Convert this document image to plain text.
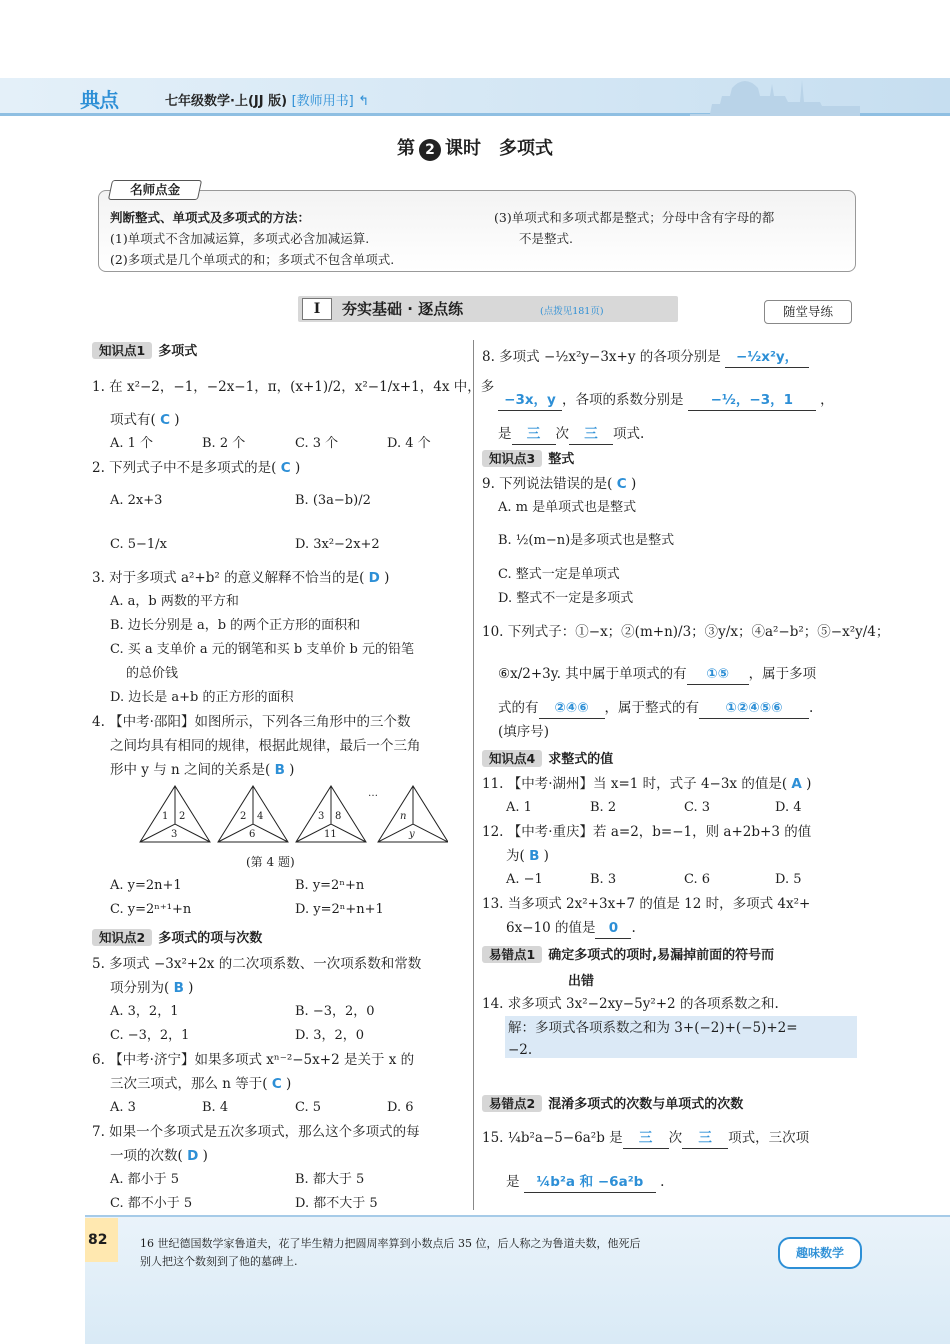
典点	七年级数学·上(JJ 版) [教师用书] ↰
第 2 课时　多项式
名师点金
判断整式、单项式及多项式的方法：
(1)单项式不含加减运算，多项式必含加减运算.
(2)多项式是几个单项式的和；多项式不包含单项式.
(3)单项式和多项式都是整式；分母中含有字母的都
不是整式.
Ⅰ	夯实基础 · 逐点练	(点拨见181页)	随堂导练
知识点1 多项式
1. 在 x²−2，−1，−2x−1，π，(x+1)/2，x²−1/x+1，4x 中，多
项式有( C )
A. 1 个	B. 2 个	C. 3 个	D. 4 个
2. 下列式子中不是多项式的是( C )
A. 2x+3	B. (3a−b)/2
C. 5−1/x	D. 3x²−2x+2
3. 对于多项式 a²+b² 的意义解释不恰当的是( D )
A. a，b 两数的平方和
B. 边长分别是 a，b 的两个正方形的面积和
C. 买 a 支单价 a 元的钢笔和买 b 支单价 b 元的铅笔
的总价钱
D. 边长是 a+b 的正方形的面积
4. 【中考·邵阳】如图所示，下列各三角形中的三个数
之间均具有相同的规律，根据此规律，最后一个三角
形中 y 与 n 之间的关系是( B )
1 2
3
2 4
6
3 8
11
n
y
…
(第 4 题)
A. y=2n+1	B. y=2ⁿ+n
C. y=2ⁿ⁺¹+n	D. y=2ⁿ+n+1
知识点2 多项式的项与次数
5. 多项式 −3x²+2x 的二次项系数、一次项系数和常数
项分别为( B )
A. 3，2，1	B. −3，2，0
C. −3，2，1	D. 3，2，0
6. 【中考·济宁】如果多项式 xⁿ⁻²−5x+2 是关于 x 的
三次三项式，那么 n 等于( C )
A. 3	B. 4	C. 5	D. 6
7. 如果一个多项式是五次多项式，那么这个多项式的每
一项的次数( D )
A. 都小于 5	B. 都大于 5
C. 都不小于 5	D. 都不大于 5
8. 多项式 −½x²y−3x+y 的各项分别是 −½x²y，
−3x，y ，各项的系数分别是 −½，−3，1 ，
是 三 次 三 项式.
知识点3 整式
9. 下列说法错误的是( C )
A. m 是单项式也是整式
B. ½(m−n)是多项式也是整式
C. 整式一定是单项式
D. 整式不一定是多项式
10. 下列式子：①−x；②(m+n)/3；③y/x；④a²−b²；⑤−x²y/4；
⑥x/2+3y. 其中属于单项式的有 ①⑤ ，属于多项
式的有 ②④⑥ ，属于整式的有 ①②④⑤⑥ .
(填序号)
知识点4 求整式的值
11. 【中考·湖州】当 x=1 时，式子 4−3x 的值是( A )
A. 1	B. 2	C. 3	D. 4
12. 【中考·重庆】若 a=2，b=−1，则 a+2b+3 的值
为( B )
A. −1	B. 3	C. 6	D. 5
13. 当多项式 2x²+3x+7 的值是 12 时，多项式 4x²+
6x−10 的值是 0 .
易错点1 确定多项式的项时,易漏掉前面的符号而
出错
14. 求多项式 3x²−2xy−5y²+2 的各项系数之和.
解：多项式各项系数之和为 3+(−2)+(−5)+2=
−2.
易错点2 混淆多项式的次数与单项式的次数
15. ¼b²a−5−6a²b 是 三 次 三 项式，三次项
是 ¼b²a 和 −6a²b .
82	16 世纪德国数学家鲁道夫，花了毕生精力把圆周率算到小数点后 35 位，后人称之为鲁道夫数，他死后
别人把这个数刻到了他的墓碑上.
趣味数学
